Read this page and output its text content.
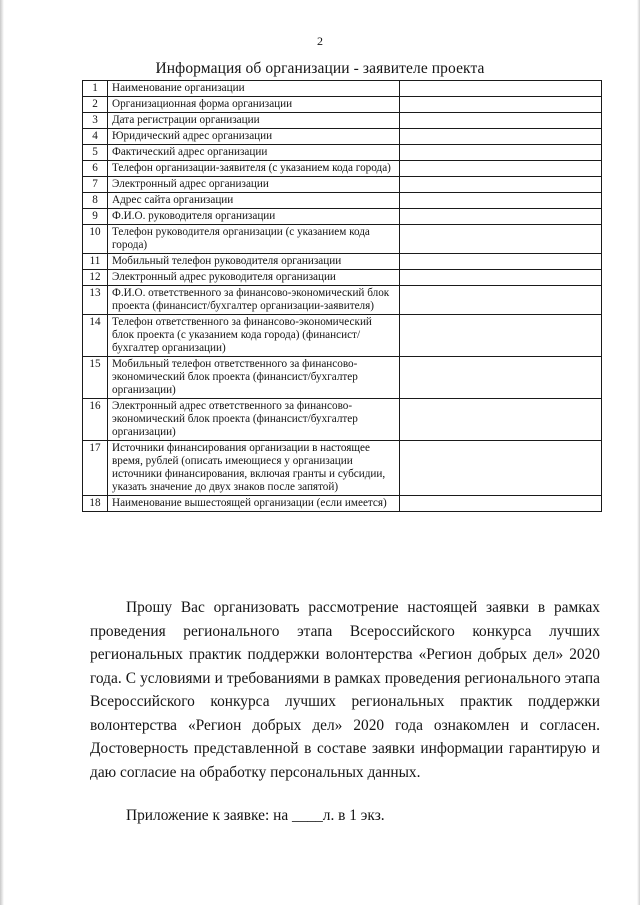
2
Информация об организации - заявителе проекта
1	Наименование организации	
2	Организационная форма организации	
3	Дата регистрации организации	
4	Юридический адрес организации	
5	Фактический адрес организации	
6	Телефон организации-заявителя (с указанием кода города)	
7	Электронный адрес организации	
8	Адрес сайта организации	
9	Ф.И.О. руководителя организации	
10	Телефон руководителя организации (с указанием кода города)	
11	Мобильный телефон руководителя организации	
12	Электронный адрес руководителя организации	
13	Ф.И.О. ответственного за финансово-экономический блок проекта (финансист/бухгалтер организации-заявителя)	
14	Телефон ответственного за финансово-экономический блок проекта (с указанием кода города) (финансист/бухгалтер организации)	
15	Мобильный телефон ответственного за финансово-экономический блок проекта (финансист/бухгалтер организации)	
16	Электронный адрес ответственного за финансово-экономический блок проекта (финансист/бухгалтер организации)	
17	Источники финансирования организации в настоящее время, рублей (описать имеющиеся у организации источники финансирования, включая гранты и субсидии, указать значение до двух знаков после запятой)	
18	Наименование вышестоящей организации (если имеется)	

Прошу Вас организовать рассмотрение настоящей заявки в рамках проведения регионального этапа Всероссийского конкурса лучших региональных практик поддержки волонтерства «Регион добрых дел» 2020 года. С условиями и требованиями в рамках проведения регионального этапа Всероссийского конкурса лучших региональных практик поддержки волонтерства «Регион добрых дел» 2020 года ознакомлен и согласен. Достоверность представленной в составе заявки информации гарантирую и даю согласие на обработку персональных данных.

Приложение к заявке: на ____л. в 1 экз.
